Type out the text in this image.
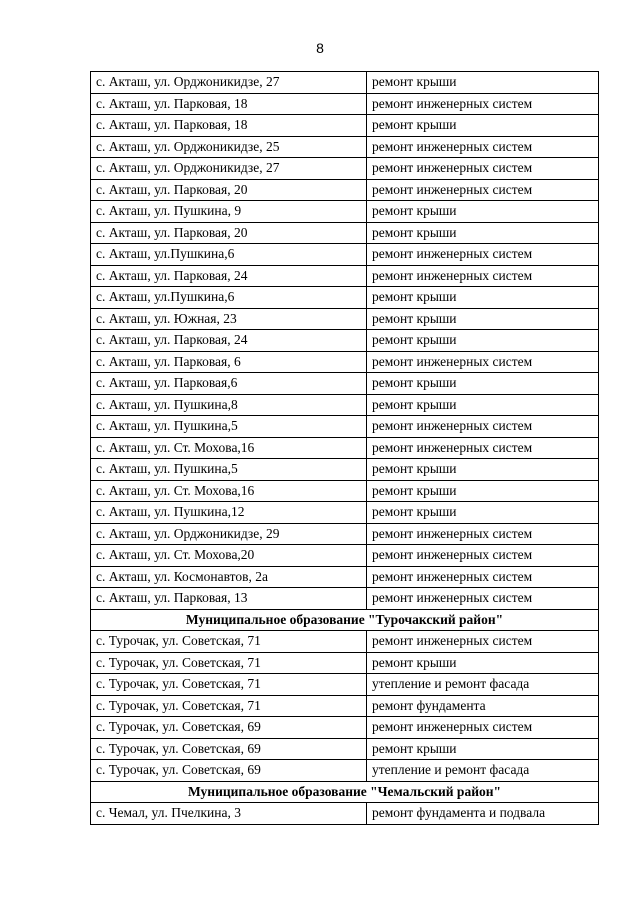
8
с. Акташ, ул. Орджоникидзе, 27	ремонт крыши
с. Акташ, ул. Парковая, 18	ремонт инженерных систем
с. Акташ, ул. Парковая, 18	ремонт крыши
с. Акташ, ул. Орджоникидзе, 25	ремонт инженерных систем
с. Акташ, ул. Орджоникидзе, 27	ремонт инженерных систем
с. Акташ, ул. Парковая, 20	ремонт инженерных систем
с. Акташ, ул. Пушкина, 9	ремонт крыши
с. Акташ, ул. Парковая, 20	ремонт крыши
с. Акташ, ул.Пушкина,6	ремонт инженерных систем
с. Акташ, ул. Парковая, 24	ремонт инженерных систем
с. Акташ, ул.Пушкина,6	ремонт крыши
с. Акташ, ул. Южная, 23	ремонт крыши
с. Акташ, ул. Парковая, 24	ремонт крыши
с. Акташ, ул. Парковая, 6	ремонт инженерных систем
с. Акташ, ул. Парковая,6	ремонт крыши
с. Акташ, ул. Пушкина,8	ремонт крыши
с. Акташ, ул. Пушкина,5	ремонт инженерных систем
с. Акташ, ул. Ст. Мохова,16	ремонт инженерных систем
с. Акташ, ул. Пушкина,5	ремонт крыши
с. Акташ, ул. Ст. Мохова,16	ремонт крыши
с. Акташ, ул. Пушкина,12	ремонт крыши
с. Акташ, ул. Орджоникидзе, 29	ремонт инженерных систем
с. Акташ, ул. Ст. Мохова,20	ремонт инженерных систем
с. Акташ, ул. Космонавтов, 2а	ремонт инженерных систем
с. Акташ, ул. Парковая, 13	ремонт инженерных систем
Муниципальное образование "Турочакский район"	
с. Турочак, ул. Советская, 71	ремонт инженерных систем
с. Турочак, ул. Советская, 71	ремонт крыши
с. Турочак, ул. Советская, 71	утепление и ремонт фасада
с. Турочак, ул. Советская, 71	ремонт фундамента
с. Турочак, ул. Советская, 69	ремонт инженерных систем
с. Турочак, ул. Советская, 69	ремонт крыши
с. Турочак, ул. Советская, 69	утепление и ремонт фасада
Муниципальное образование "Чемальский район"	
с. Чемал, ул. Пчелкина, 3	ремонт фундамента и подвала
